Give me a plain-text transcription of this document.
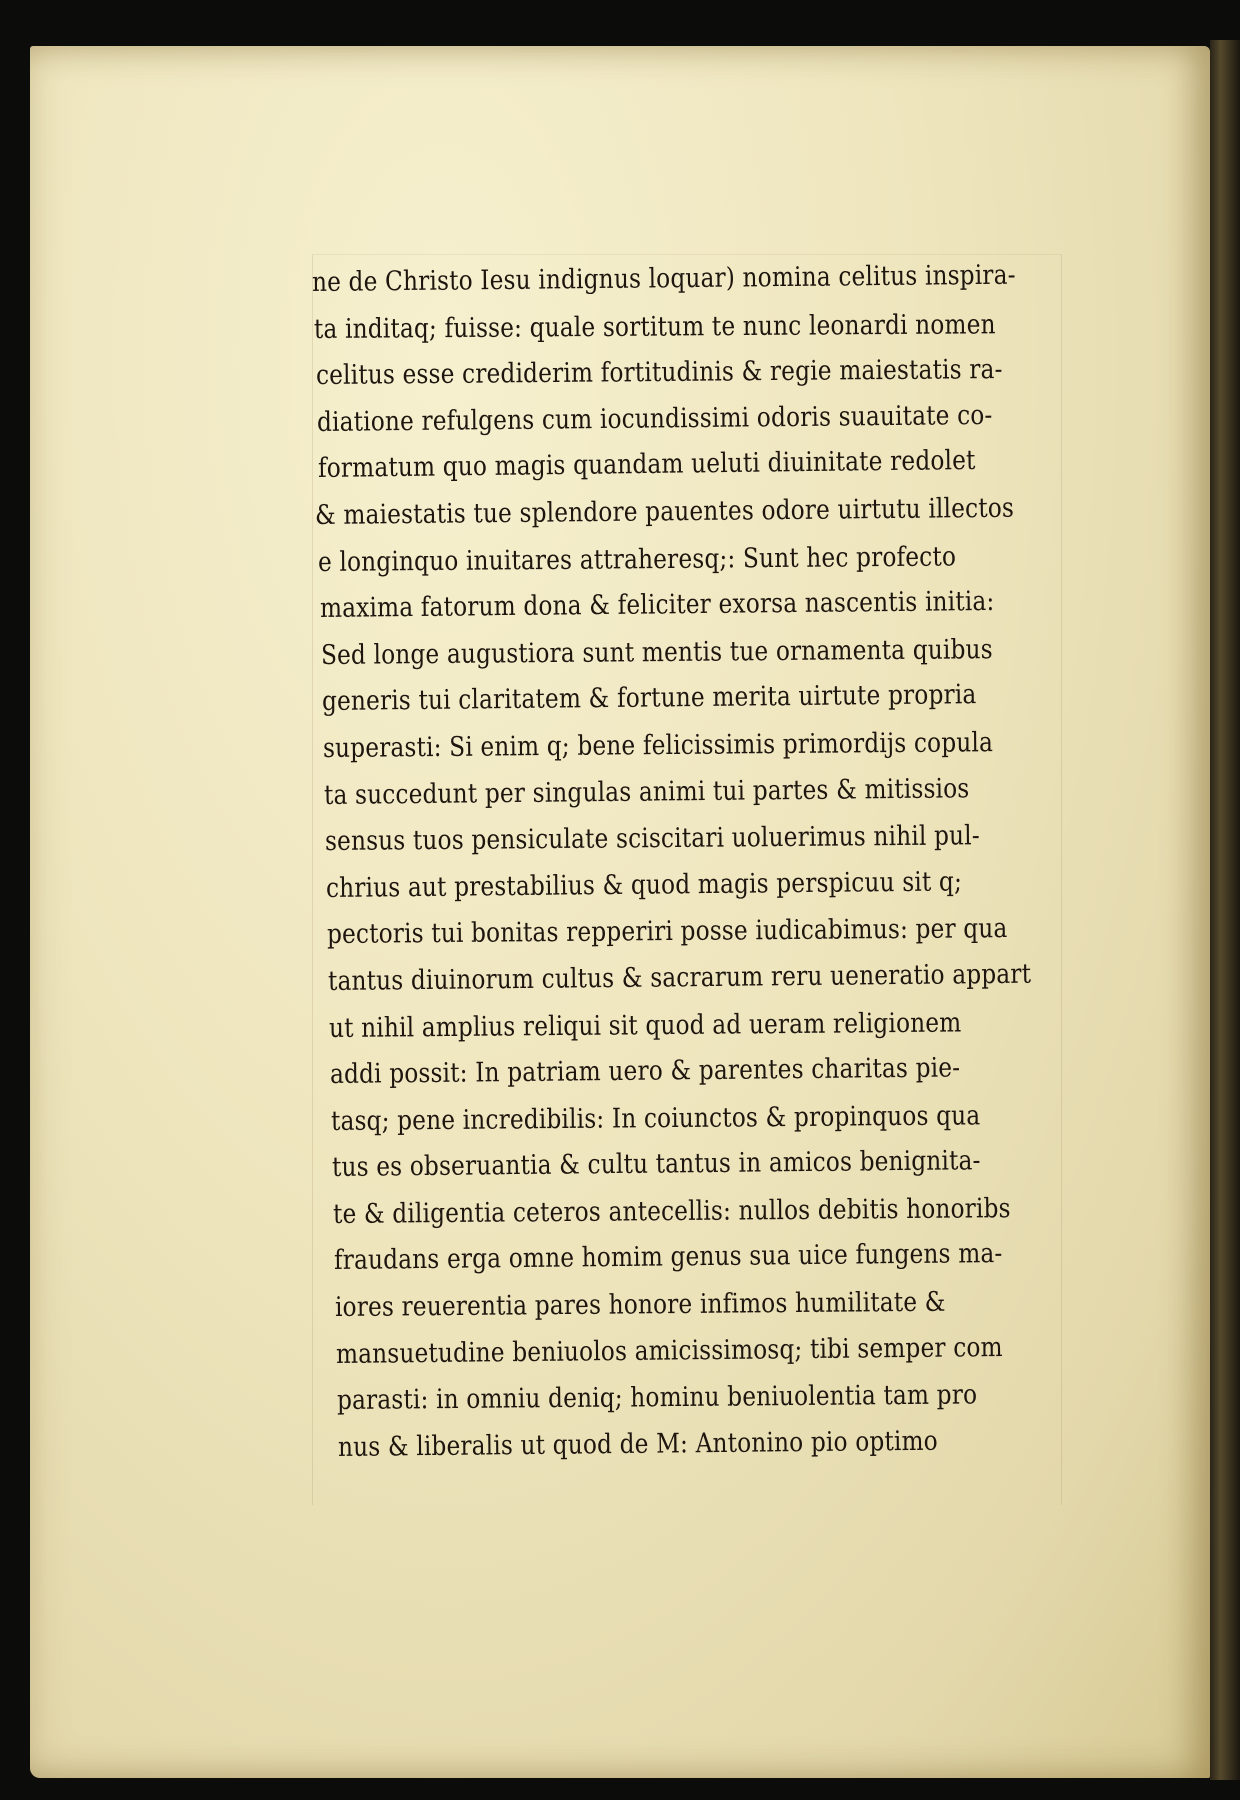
ne de Christo Iesu indignus loquar) nomina celitus inspira-
ta inditaq; fuisse: quale sortitum te nunc leonardi nomen
celitus esse crediderim fortitudinis & regie maiestatis ra-
diatione refulgens cum iocundissimi odoris suauitate co-
formatum quo magis quandam ueluti diuinitate redolet
& maiestatis tue splendore pauentes odore uirtutu illectos
e longinquo inuitares attraheresq;: Sunt hec profecto
maxima fatorum dona & feliciter exorsa nascentis initia:
Sed longe augustiora sunt mentis tue ornamenta quibus
generis tui claritatem & fortune merita uirtute propria
superasti: Si enim q; bene felicissimis primordijs copula
ta succedunt per singulas animi tui partes & mitissios
sensus tuos pensiculate sciscitari uoluerimus nihil pul-
chrius aut prestabilius & quod magis perspicuu sit q;
pectoris tui bonitas repperiri posse iudicabimus: per qua
tantus diuinorum cultus & sacrarum reru ueneratio appart
ut nihil amplius reliqui sit quod ad ueram religionem
addi possit: In patriam uero & parentes charitas pie-
tasq; pene incredibilis: In coiunctos & propinquos qua
tus es obseruantia & cultu tantus in amicos benignita-
te & diligentia ceteros antecellis: nullos debitis honoribs
fraudans erga omne homim genus sua uice fungens ma-
iores reuerentia pares honore infimos humilitate &
mansuetudine beniuolos amicissimosq; tibi semper com
parasti: in omniu deniq; hominu beniuolentia tam pro
nus & liberalis ut quod de M: Antonino pio optimo
